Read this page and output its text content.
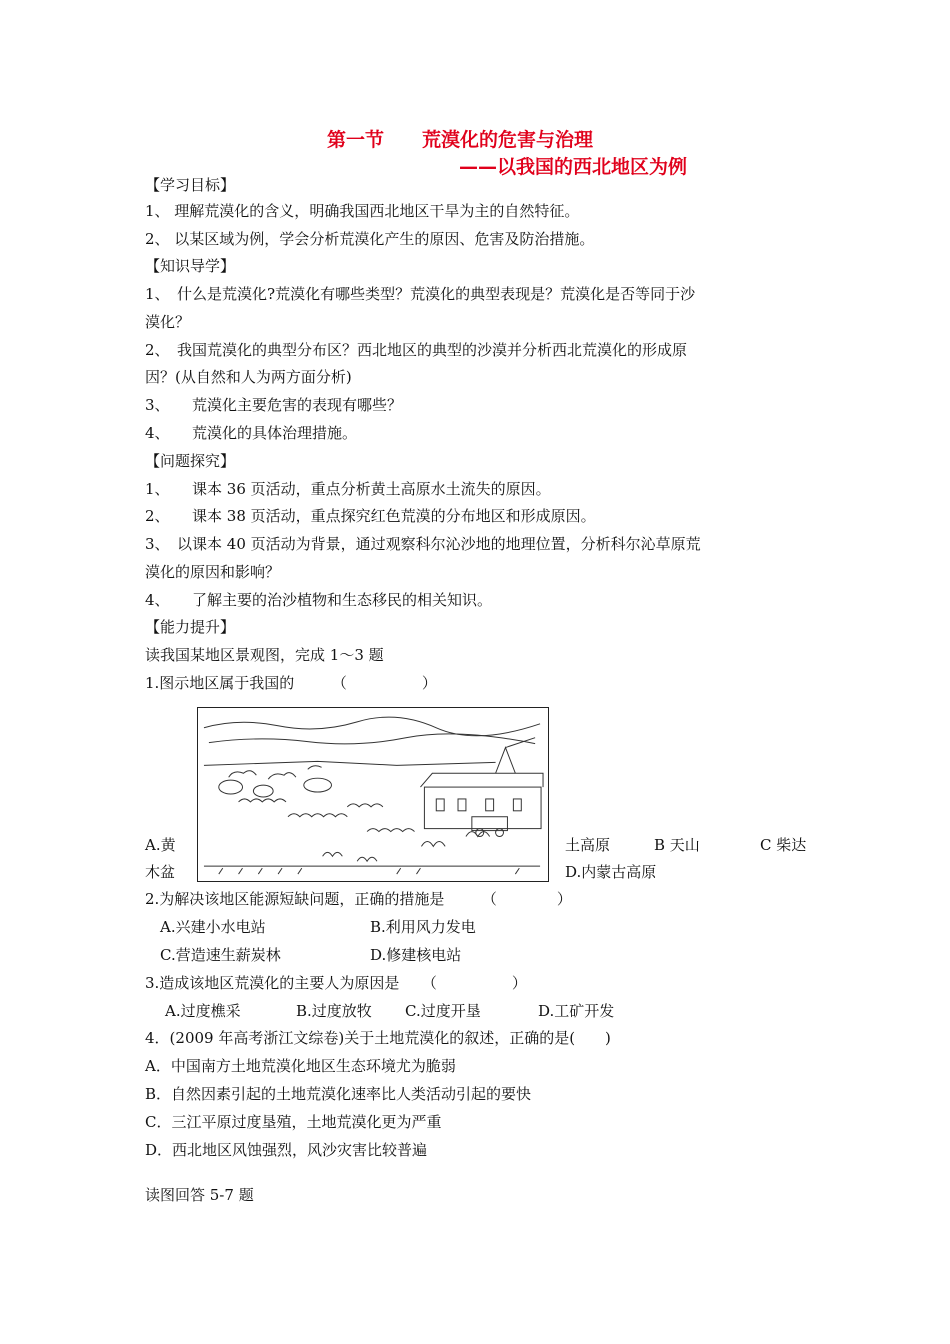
第一节　　荒漠化的危害与治理
——以我国的西北地区为例
【学习目标】
1、 理解荒漠化的含义，明确我国西北地区干旱为主的自然特征。
2、 以某区域为例，学会分析荒漠化产生的原因、危害及防治措施。
【知识导学】
1、　什么是荒漠化?荒漠化有哪些类型？荒漠化的典型表现是？荒漠化是否等同于沙
漠化？
2、　我国荒漠化的典型分布区？西北地区的典型的沙漠并分析西北荒漠化的形成原
因？(从自然和人为两方面分析)
3、　　荒漠化主要危害的表现有哪些？
4、　　荒漠化的具体治理措施。
【问题探究】
1、　　课本 36 页活动，重点分析黄土高原水土流失的原因。
2、　　课本 38 页活动，重点探究红色荒漠的分布地区和形成原因。
3、　以课本 40 页活动为背景，通过观察科尔沁沙地的地理位置，分析科尔沁草原荒
漠化的原因和影响？
4、　　了解主要的治沙植物和生态移民的相关知识。
【能力提升】
读我国某地区景观图，完成 1～3 题
1.图示地区属于我国的　　　（　　　　　）
A.黄
木盆
土高原	B 天山	C 柴达
D.内蒙古高原
2.为解决该地区能源短缺问题，正确的措施是　　　（　　　　）
A.兴建小水电站	B.利用风力发电
C.营造速生薪炭林	D.修建核电站
3.造成该地区荒漠化的主要人为原因是　　（　　　　　）
A.过度樵采	B.过度放牧 C.过度开垦	D.工矿开发
4．(2009 年高考浙江文综卷)关于土地荒漠化的叙述，正确的是(　　)
A．中国南方土地荒漠化地区生态环境尤为脆弱
B．自然因素引起的土地荒漠化速率比人类活动引起的要快
C．三江平原过度垦殖，土地荒漠化更为严重
D．西北地区风蚀强烈，风沙灾害比较普遍
读图回答 5-7 题
